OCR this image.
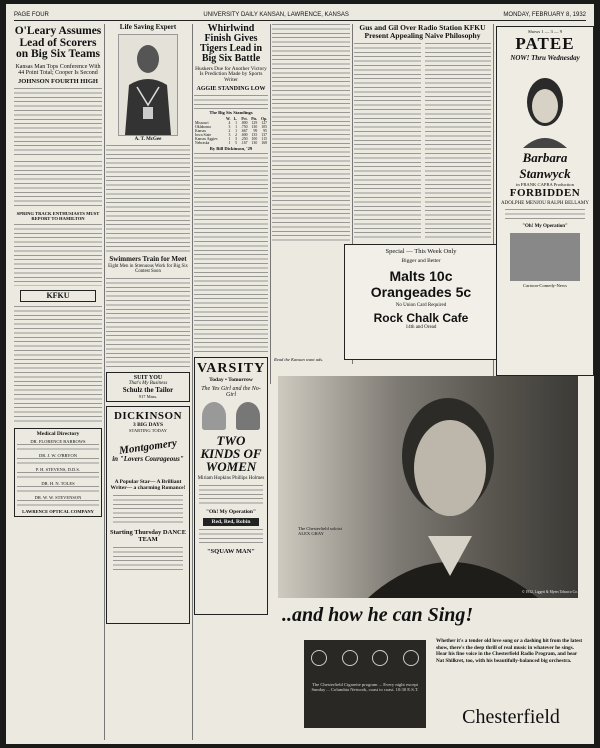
PAGE FOUR	UNIVERSITY DAILY KANSAN, LAWRENCE, KANSAS	MONDAY, FEBRUARY 8, 1932
O'Leary Assumes Lead of Scorers on Big Six Teams
Kansas Man Tops Conference With 44 Point Total; Cooper Is Second
JOHNSON FOURTH HIGH
SPRING TRACK ENTHUSIASTS MUST REPORT TO HAMILTON
KFKU
Medical Directory
DR. FLORENCE BARROWS
DR. J. W. O'BRYON
P. H. STEVENS, D.D.S.
DR. H. N. TOLES
DR. W. W. STEVENSON
LAWRENCE OPTICAL COMPANY
Life Saving Expert
A. T. McGee
Swimmers Train for Meet
Eight Men in Strenuous Work for Big Six Contest Soon
SUIT YOU
That's My Business
Schulz the Tailor
917 Mass.
DICKINSON
3 BIG DAYS
STARTING TODAY
Montgomery
in "Lovers Courageous"
A Popular Star— A Brilliant Writer— a charming Romance!
Starting Thursday DANCE TEAM
Whirlwind Finish Gives Tigers Lead in Big Six Battle
Huskers Due for Another Victory Is Prediction Made by Sports Writer
AGGIE STANDING LOW
The Big Six Standings
	W.	L.	Pct.	Pts.	Op.
Missouri	4	1	.800	129	127
Oklahoma	3	1	.750	130	105
Kansas	2	1	.667	99	95
Iowa State	3	2	.600	135	137
Kansas Aggies	1	3	.250	100	115
Nebraska	1	5	.167	130	168
By Bill Dickinson, '29
VARSITY
Today • Tomorrow
The Yes Girl and the No-Girl
TWO KINDS OF WOMEN
Miriam Hopkins Phillips Holmes
"Oh! My Operation"
Red, Red, Robin
"SQUAW MAN"
Gus and Gil Over Radio Station KFKU Present Appealing Naive Philosophy
Special — This Week Only
Bigger and Better
Malts 10c
Orangeades 5c
No Union Card Required
Rock Chalk Cafe
14th and Oread
Read the Kansan want ads.
Shows 1 — 3 — 9
PATEE
NOW! Thru Wednesday
Barbara Stanwyck
in FRANK CAPRA Production
FORBIDDEN
ADOLPHE MENJOU RALPH BELLAMY
"Oh! My Operation"
Cartoon-Comedy-News
The Chesterfield soloist ALEX GRAY
..and how he can Sing!
The Chesterfield Cigarette program ... Every night except Sunday ... Columbia Network, coast to coast. 10:30 E.S.T.
Whether it's a tender old love song or a dashing hit from the latest show, there's the deep thrill of real music in whatever he sings. Hear his fine voice in the Chesterfield Radio Program, and hear Nat Shilkret, too, with his beautifully-balanced big orchestra.
Chesterfield
© 1932, Liggett & Myers Tobacco Co.
